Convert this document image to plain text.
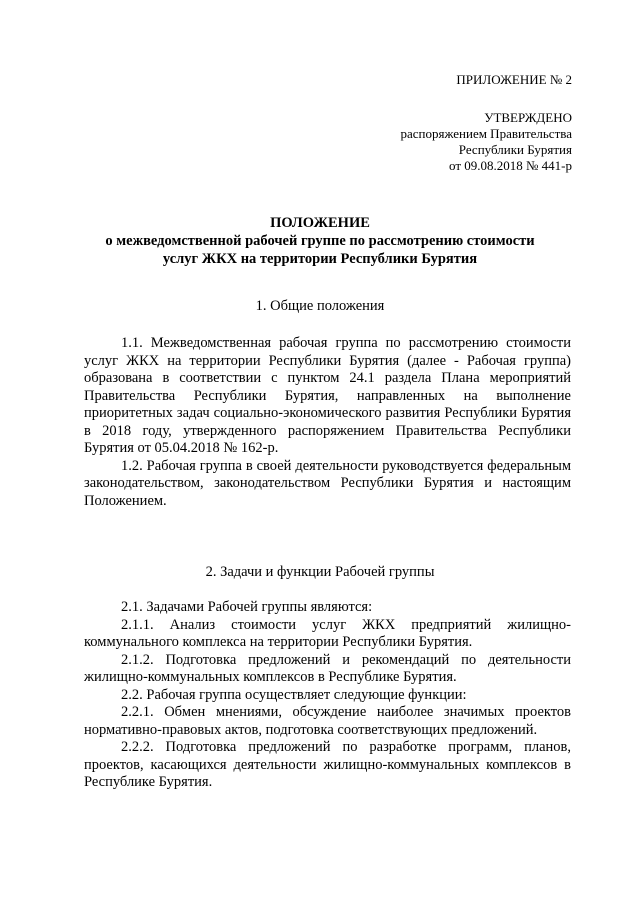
ПРИЛОЖЕНИЕ № 2
УТВЕРЖДЕНО
распоряжением Правительства
Республики Бурятия
от 09.08.2018 № 441-р
ПОЛОЖЕНИЕ
о межведомственной рабочей группе по рассмотрению стоимости
услуг ЖКХ на территории Республики Бурятия
1. Общие положения

1.1. Межведомственная рабочая группа по рассмотрению стоимости услуг ЖКХ на территории Республики Бурятия (далее - Рабочая группа) образована в соответствии с пунктом 24.1 раздела Плана мероприятий Правительства Республики Бурятия, направленных на выполнение приоритетных задач социально-экономического развития Республики Бурятия в 2018 году, утвержденного распоряжением Правительства Республики Бурятия от 05.04.2018 № 162-р.

1.2. Рабочая группа в своей деятельности руководствуется федеральным законодательством, законодательством Республики Бурятия и настоящим Положением.

2. Задачи и функции Рабочей группы

2.1. Задачами Рабочей группы являются:

2.1.1. Анализ стоимости услуг ЖКХ предприятий жилищно-коммунального комплекса на территории Республики Бурятия.

2.1.2. Подготовка предложений и рекомендаций по деятельности жилищно-коммунальных комплексов в Республике Бурятия.

2.2. Рабочая группа осуществляет следующие функции:

2.2.1. Обмен мнениями, обсуждение наиболее значимых проектов нормативно-правовых актов, подготовка соответствующих предложений.

2.2.2. Подготовка предложений по разработке программ, планов, проектов, касающихся деятельности жилищно-коммунальных комплексов в Республике Бурятия.
